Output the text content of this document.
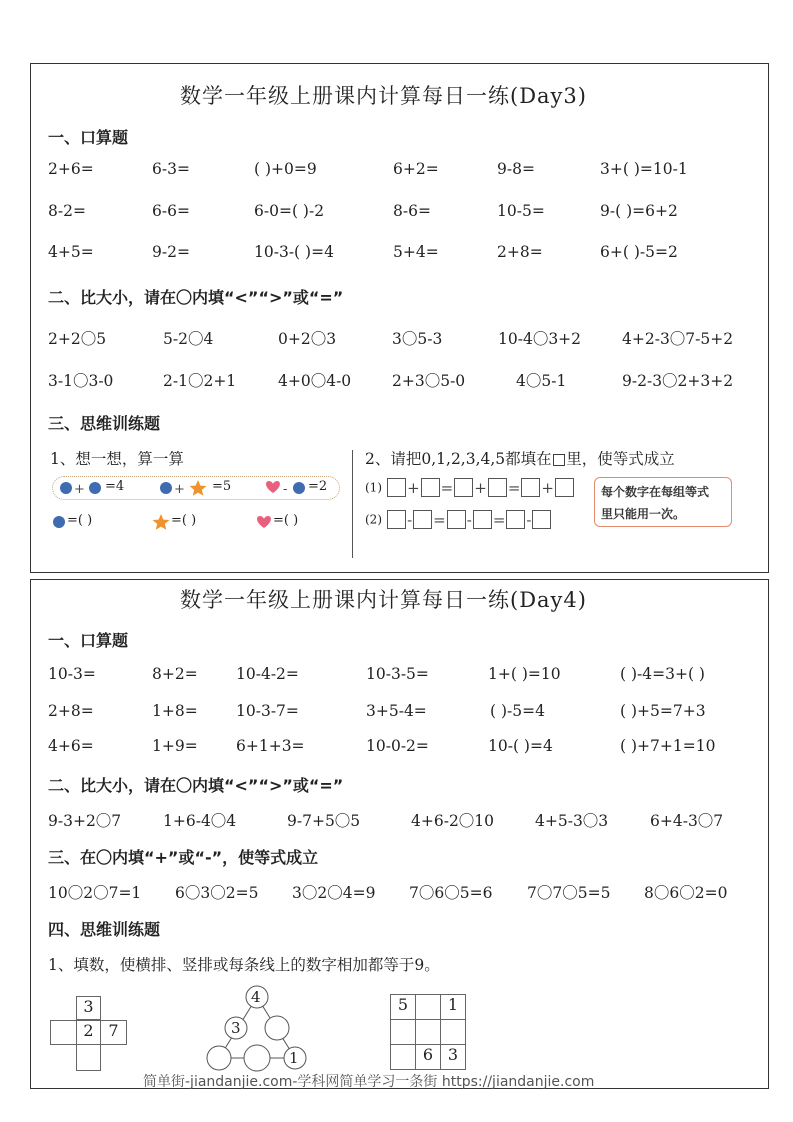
数学一年级上册课内计算每日一练(Day3)
一、口算题
2+6=	6-3=	( )+0=9	6+2=	9-8=	3+( )=10-1
8-2=	6-6=	6-0=( )-2	8-6=	10-5=	9-( )=6+2
4+5=	9-2=	10-3-( )=4	5+4=	2+8=	6+( )-5=2
二、比大小，请在〇内填“<”“>”或“=”
2+2〇5	5-2〇4	0+2〇3	3〇5-3	10-4〇3+2	4+2-3〇7-5+2
3-1〇3-0	2-1〇2+1	4+0〇4-0	2+3〇5-0	4〇5-1	9-2-3〇2+3+2
三、思维训练题
1、想一想，算一算
+	+	-
=4	=5	=2
=( )	=( )	=( )
2、请把0,1,2,3,4,5都填在□里，使等式成立
(1) + = + = +
(2) - = - = -
每个数字在每组等式
里只能用一次。
数学一年级上册课内计算每日一练(Day4)
一、口算题
10-3=	8+2= 10-4-2=	10-3-5=	1+( )=10	( )-4=3+( )
2+8=	1+8= 10-3-7=	3+5-4=	( )-5=4	( )+5=7+3
4+6=	1+9= 6+1+3=	10-0-2=	10-( )=4	( )+7+1=10
二、比大小，请在〇内填“<”“>”或“=”
9-3+2〇7	1+6-4〇4	9-7+5〇5	4+6-2〇10	4+5-3〇3	6+4-3〇7
三、在〇内填“+”或“-”，使等式成立
10〇2〇7=1 6〇3〇2=5 3〇2〇4=9 7〇6〇5=6 7〇7〇5=5 8〇6〇2=0
四、思维训练题
1、填数，使横排、竖排或每条线上的数字相加都等于9。
3
2 7
4
3
1
5	1
6 3
简单街-jiandanjie.com-学科网简单学习一条街 https://jiandanjie.com
